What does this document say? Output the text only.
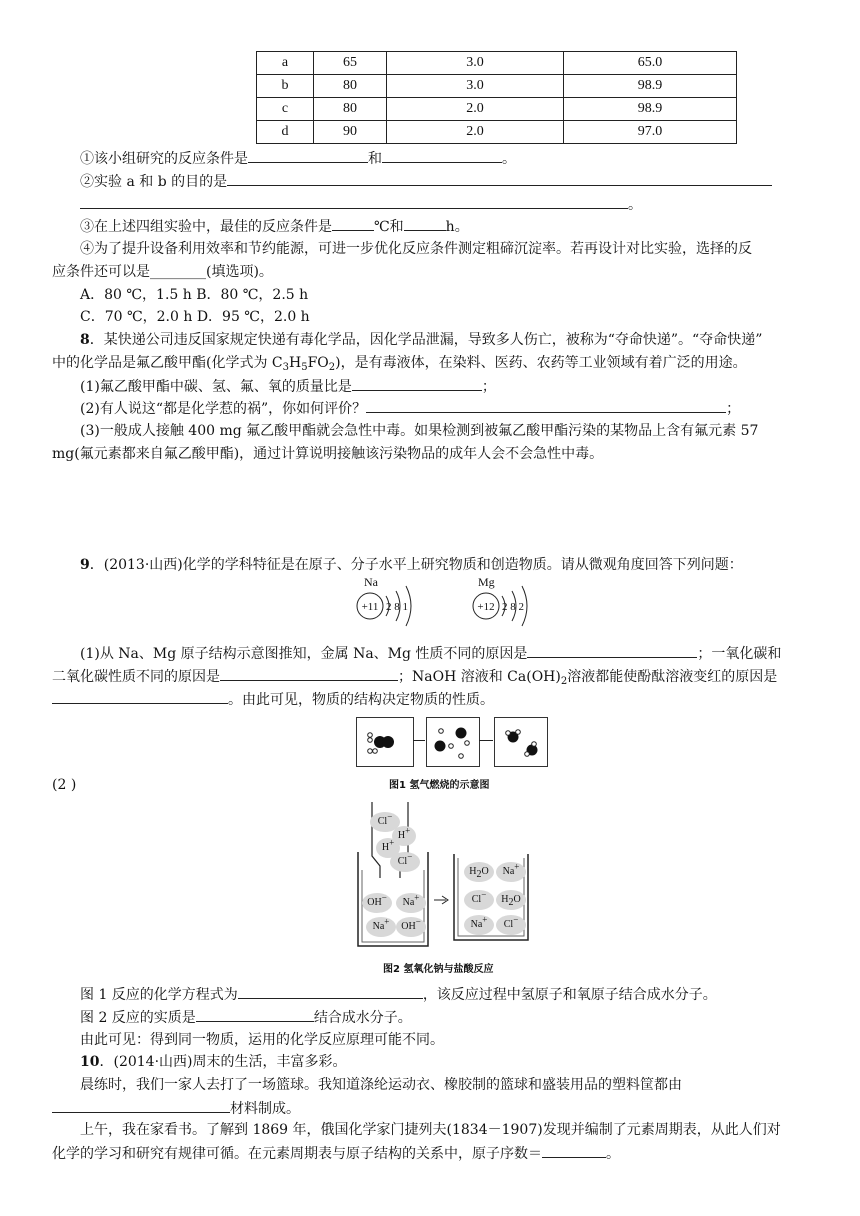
a	65	3.0	65.0
b	80	3.0	98.9
c	80	2.0	98.9
d	90	2.0	97.0
①该小组研究的反应条件是	和	。
②实验 a 和 b 的目的是
。
③在上述四组实验中，最佳的反应条件是	℃和	h。
④为了提升设备利用效率和节约能源，可进一步优化反应条件测定粗碲沉淀率。若再设计对比实验，选择的反
应条件还可以是________(填选项)。
A．80 ℃，1.5 h B．80 ℃，2.5 h
C．70 ℃，2.0 h D．95 ℃，2.0 h
8．某快递公司违反国家规定快递有毒化学品，因化学品泄漏，导致多人伤亡，被称为“夺命快递”。“夺命快递”
中的化学品是氟乙酸甲酯(化学式为 $C_3H_5FO_2$)，是有毒液体，在染料、医药、农药等工业领域有着广泛的用途。
(1)氟乙酸甲酯中碳、氢、氟、氧的质量比是	；
(2)有人说这“都是化学惹的祸”，你如何评价？	；
(3)一般成人接触 400 mg 氟乙酸甲酯就会急性中毒。如果检测到被氟乙酸甲酯污染的某物品上含有氟元素 57
mg(氟元素都来自氟乙酸甲酯)，通过计算说明接触该污染物品的成年人会不会急性中毒。
9．(2013·山西)化学的学科特征是在原子、分子水平上研究物质和创造物质。请从微观角度回答下列问题：
Na
+11 2 8 1
Mg
+12 2 8 2
(1)从 Na、Mg 原子结构示意图推知，金属 Na、Mg 性质不同的原因是	；一氧化碳和
二氧化碳性质不同的原因是	；NaOH 溶液和 $Ca(OH)_2$溶液都能使酚酞溶液变红的原因是
。由此可见，物质的结构决定物质的性质。
图1 氢气燃烧的示意图
(2 )
Cl−
H+
H+
Cl−
OH−	Na+
Na+	OH−
$H_2O$	Na+
Cl−	$H_2O$
Na+	Cl−
图2 氢氧化钠与盐酸反应
图 1 反应的化学方程式为	，该反应过程中氢原子和氧原子结合成水分子。
图 2 反应的实质是	结合成水分子。
由此可见：得到同一物质，运用的化学反应原理可能不同。
10．(2014·山西)周末的生活，丰富多彩。
晨练时，我们一家人去打了一场篮球。我知道涤纶运动衣、橡胶制的篮球和盛装用品的塑料筐都由
材料制成。
上午，我在家看书。了解到 1869 年，俄国化学家门捷列夫(1834－1907)发现并编制了元素周期表，从此人们对
化学的学习和研究有规律可循。在元素周期表与原子结构的关系中，原子序数＝	。
